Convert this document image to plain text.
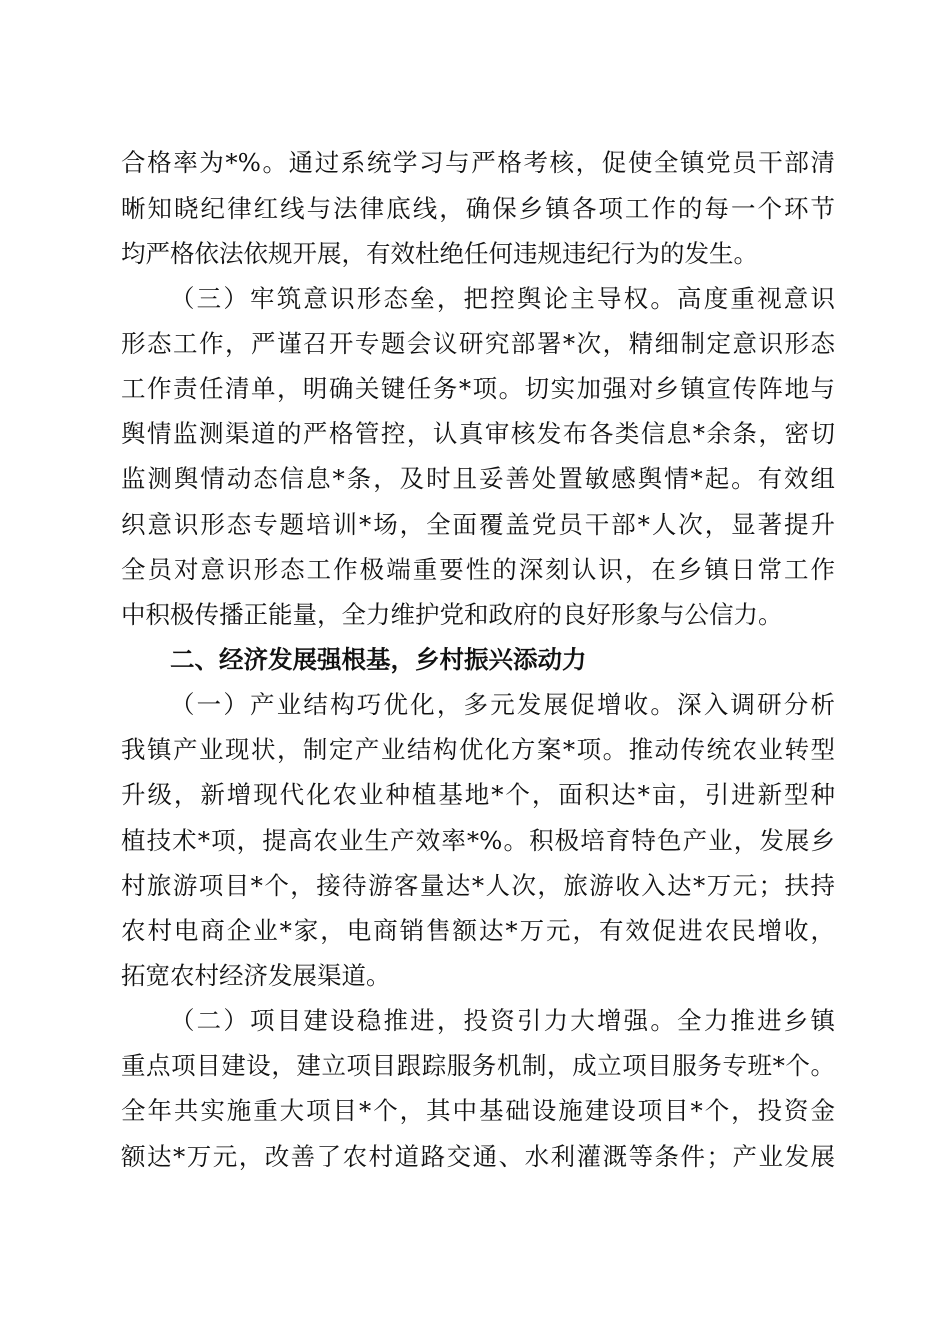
合格率为*%。通过系统学习与严格考核，促使全镇党员干部清
晰知晓纪律红线与法律底线，确保乡镇各项工作的每一个环节
均严格依法依规开展，有效杜绝任何违规违纪行为的发生。
（三）牢筑意识形态垒，把控舆论主导权。高度重视意识
形态工作，严谨召开专题会议研究部署*次，精细制定意识形态
工作责任清单，明确关键任务*项。切实加强对乡镇宣传阵地与
舆情监测渠道的严格管控，认真审核发布各类信息*余条，密切
监测舆情动态信息*条，及时且妥善处置敏感舆情*起。有效组
织意识形态专题培训*场，全面覆盖党员干部*人次，显著提升
全员对意识形态工作极端重要性的深刻认识，在乡镇日常工作
中积极传播正能量，全力维护党和政府的良好形象与公信力。
二、经济发展强根基，乡村振兴添动力
（一）产业结构巧优化，多元发展促增收。深入调研分析
我镇产业现状，制定产业结构优化方案*项。推动传统农业转型
升级，新增现代化农业种植基地*个，面积达*亩，引进新型种
植技术*项，提高农业生产效率*%。积极培育特色产业，发展乡
村旅游项目*个，接待游客量达*人次，旅游收入达*万元；扶持
农村电商企业*家，电商销售额达*万元，有效促进农民增收，
拓宽农村经济发展渠道。
（二）项目建设稳推进，投资引力大增强。全力推进乡镇
重点项目建设，建立项目跟踪服务机制，成立项目服务专班*个。
全年共实施重大项目*个，其中基础设施建设项目*个，投资金
额达*万元，改善了农村道路交通、水利灌溉等条件；产业发展
